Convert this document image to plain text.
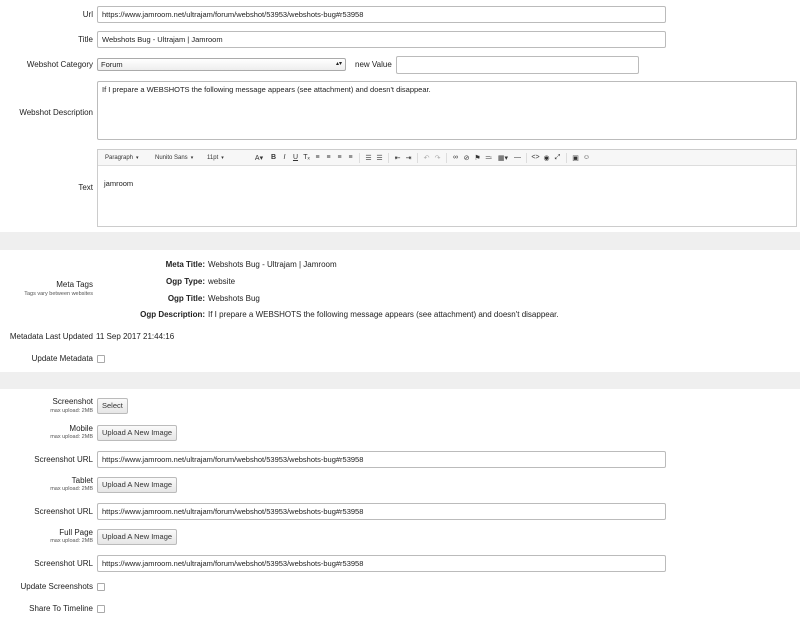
Url	https://www.jamroom.net/ultrajam/forum/webshot/53953/webshots-bug#r53958
Title	Webshots Bug - Ultrajam | Jamroom
Webshot Category	Forum	▴▾ new Value
Webshot Description
If I prepare a WEBSHOTS the following message appears (see attachment) and doesn't disappear.
Text
Paragraph ▾	Nunito Sans ▾	11pt ▾	A▾	B	I	U Tₓ ≡ ≡ ≡ ≡	☰ ☰	⇤ ⇥	↶ ↷	∞ ⊘ ⚑ ≕ ▦▾ — <> ◉ ⤢	▣ ☺
jamroom
Meta Tags
Tags vary between websites
Meta Title: Webshots Bug - Ultrajam | Jamroom
Ogp Type: website
Ogp Title: Webshots Bug
Ogp Description: If I prepare a WEBSHOTS the following message appears (see attachment) and doesn't disappear.
Metadata Last Updated 11 Sep 2017 21:44:16
Update Metadata
Screenshot
max upload: 2MB
Select
Mobile
max upload: 2MB	Upload A New Image
Screenshot URL	https://www.jamroom.net/ultrajam/forum/webshot/53953/webshots-bug#r53958
Tablet
max upload: 2MB	Upload A New Image
Screenshot URL	https://www.jamroom.net/ultrajam/forum/webshot/53953/webshots-bug#r53958
Full Page
max upload: 2MB	Upload A New Image
Screenshot URL	https://www.jamroom.net/ultrajam/forum/webshot/53953/webshots-bug#r53958
Update Screenshots
Share To Timeline
